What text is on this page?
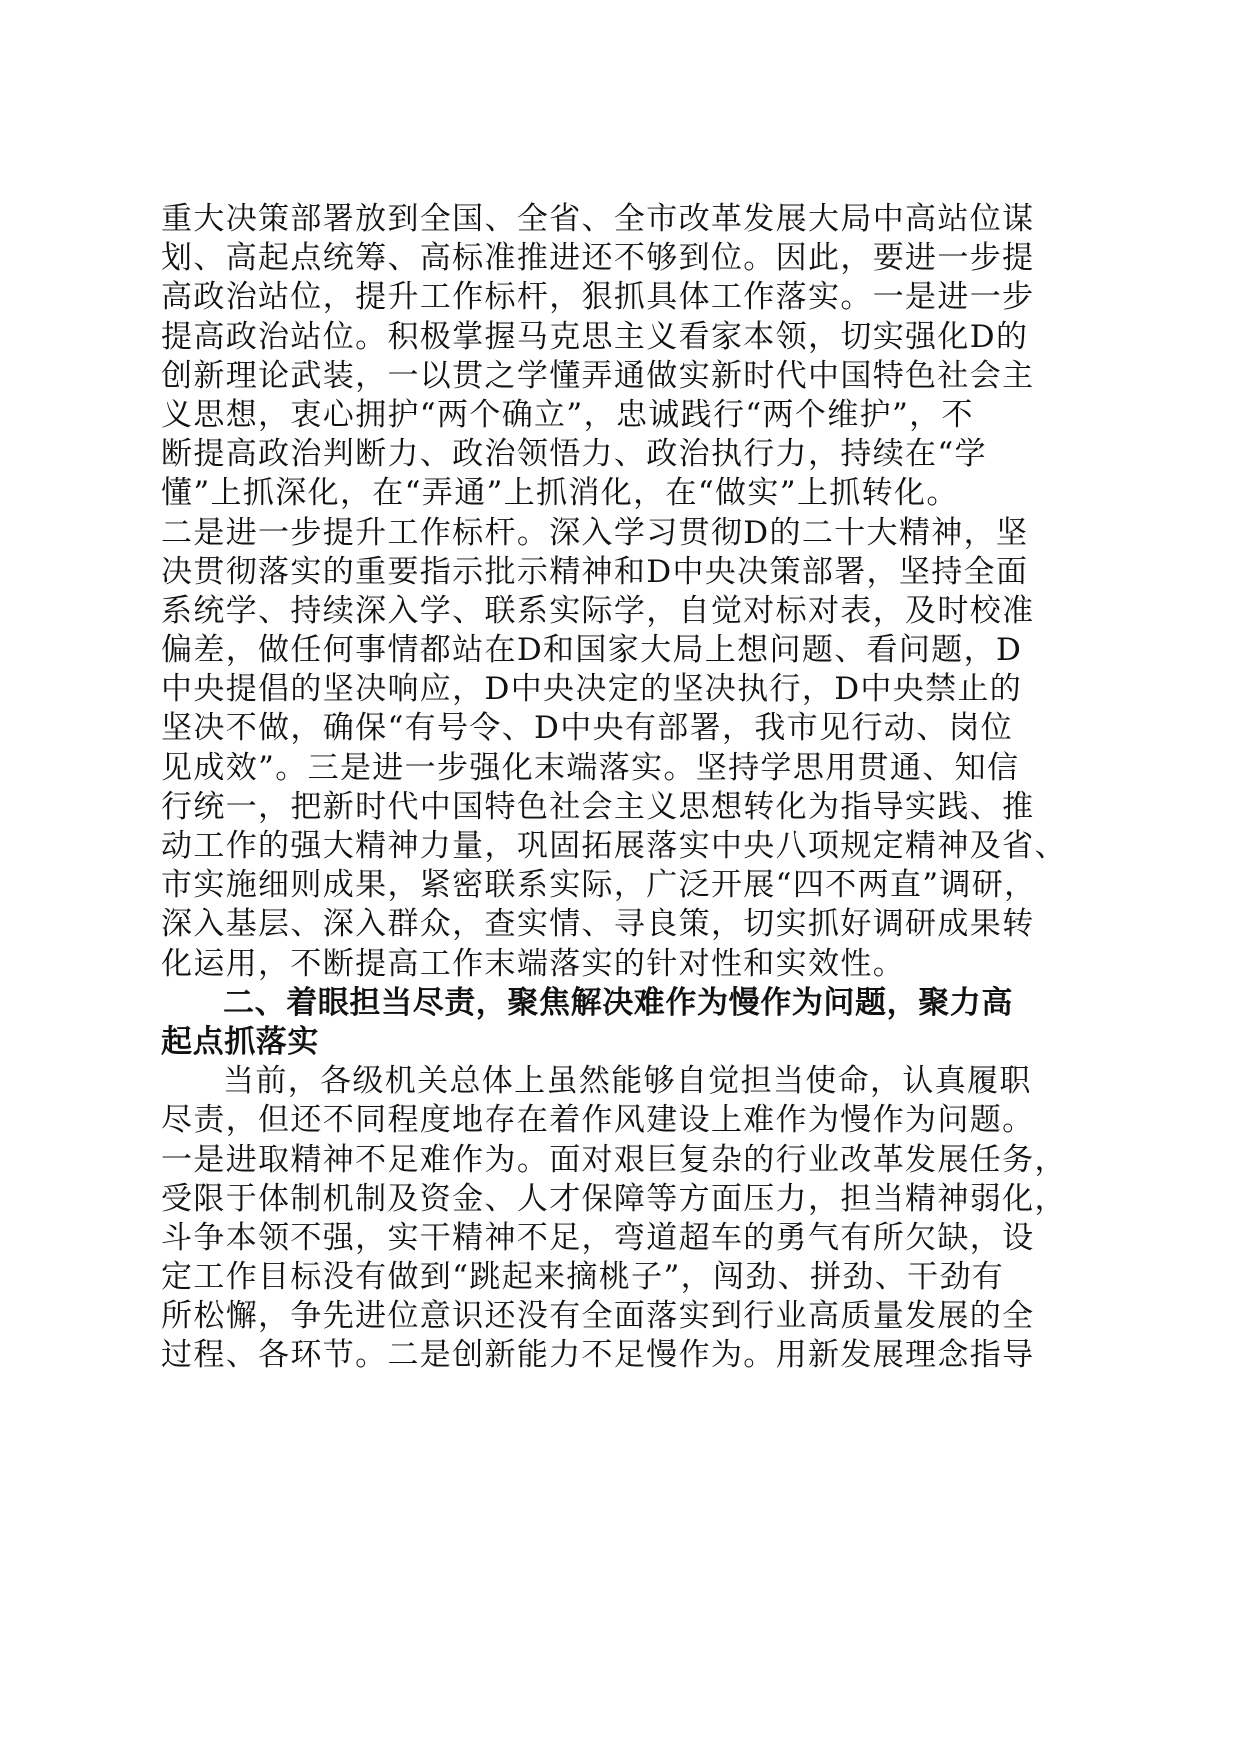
重大决策部署放到全国、全省、全市改革发展大局中高站位谋
划、高起点统筹、高标准推进还不够到位。因此，要进一步提
高政治站位，提升工作标杆，狠抓具体工作落实。一是进一步
提高政治站位。积极掌握马克思主义看家本领，切实强化D的
创新理论武装，一以贯之学懂弄通做实新时代中国特色社会主
义思想，衷心拥护“两个确立”，忠诚践行“两个维护”，不
断提高政治判断力、政治领悟力、政治执行力，持续在“学
懂”上抓深化，在“弄通”上抓消化，在“做实”上抓转化。
二是进一步提升工作标杆。深入学习贯彻D的二十大精神，坚
决贯彻落实的重要指示批示精神和D中央决策部署，坚持全面
系统学、持续深入学、联系实际学，自觉对标对表，及时校准
偏差，做任何事情都站在D和国家大局上想问题、看问题，D
中央提倡的坚决响应，D中央决定的坚决执行，D中央禁止的
坚决不做，确保“有号令、D中央有部署，我市见行动、岗位
见成效”。三是进一步强化末端落实。坚持学思用贯通、知信
行统一，把新时代中国特色社会主义思想转化为指导实践、推
动工作的强大精神力量，巩固拓展落实中央八项规定精神及省、
市实施细则成果，紧密联系实际，广泛开展“四不两直”调研，
深入基层、深入群众，查实情、寻良策，切实抓好调研成果转
化运用，不断提高工作末端落实的针对性和实效性。
二、着眼担当尽责，聚焦解决难作为慢作为问题，聚力高
起点抓落实
当前，各级机关总体上虽然能够自觉担当使命，认真履职
尽责，但还不同程度地存在着作风建设上难作为慢作为问题。
一是进取精神不足难作为。面对艰巨复杂的行业改革发展任务，
受限于体制机制及资金、人才保障等方面压力，担当精神弱化，
斗争本领不强，实干精神不足，弯道超车的勇气有所欠缺，设
定工作目标没有做到“跳起来摘桃子”，闯劲、拼劲、干劲有
所松懈，争先进位意识还没有全面落实到行业高质量发展的全
过程、各环节。二是创新能力不足慢作为。用新发展理念指导
